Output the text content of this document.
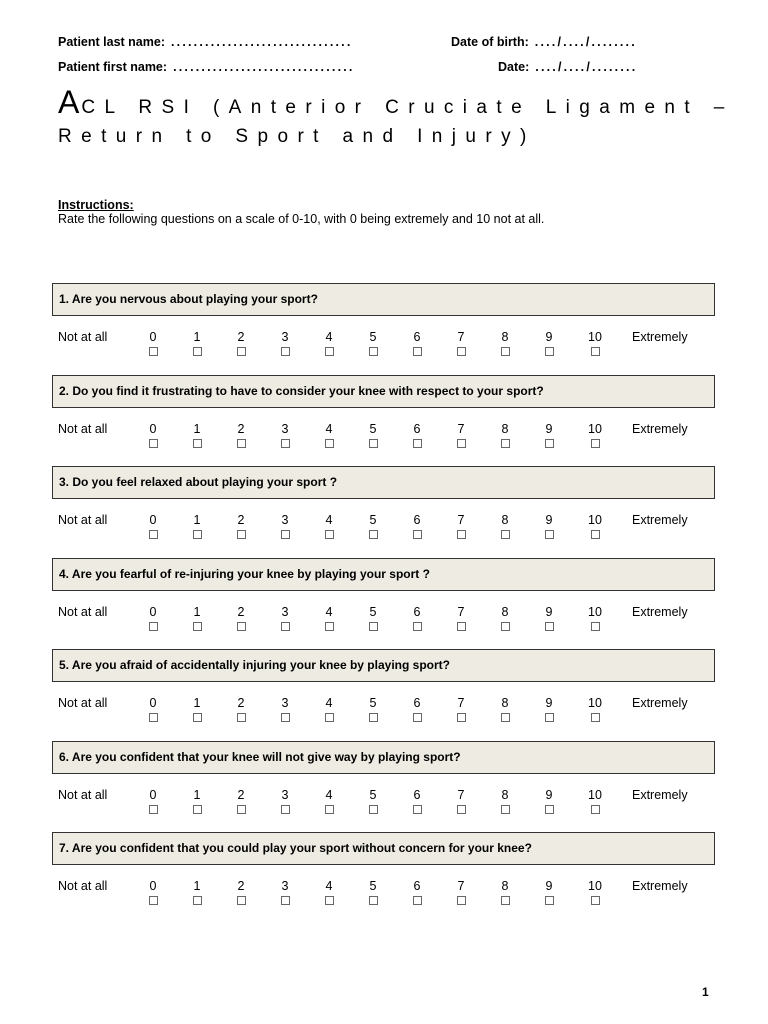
Patient last name: ................................	Date of birth: ..../..../........
Patient first name: ................................	Date: ..../..../........
ACL RSI (Anterior Cruciate Ligament – Return to Sport and Injury)
Instructions:
Rate the following questions on a scale of 0-10, with 0 being extremely and 10 not at all.
1. Are you nervous about playing your sport?
Not at all	0	1	2	3	4	5	6	7	8	9	10	Extremely
2. Do you find it frustrating to have to consider your knee with respect to your sport?
Not at all	0	1	2	3	4	5	6	7	8	9	10	Extremely
3. Do you feel relaxed about playing your sport ?
Not at all	0	1	2	3	4	5	6	7	8	9	10	Extremely
4. Are you fearful of re-injuring your knee by playing your sport ?
Not at all	0	1	2	3	4	5	6	7	8	9	10	Extremely
5. Are you afraid of accidentally injuring your knee by playing sport?
Not at all	0	1	2	3	4	5	6	7	8	9	10	Extremely
6. Are you confident that your knee will not give way by playing sport?
Not at all	0	1	2	3	4	5	6	7	8	9	10	Extremely
7. Are you confident that you could play your sport without concern for your knee?
Not at all	0	1	2	3	4	5	6	7	8	9	10	Extremely
1
